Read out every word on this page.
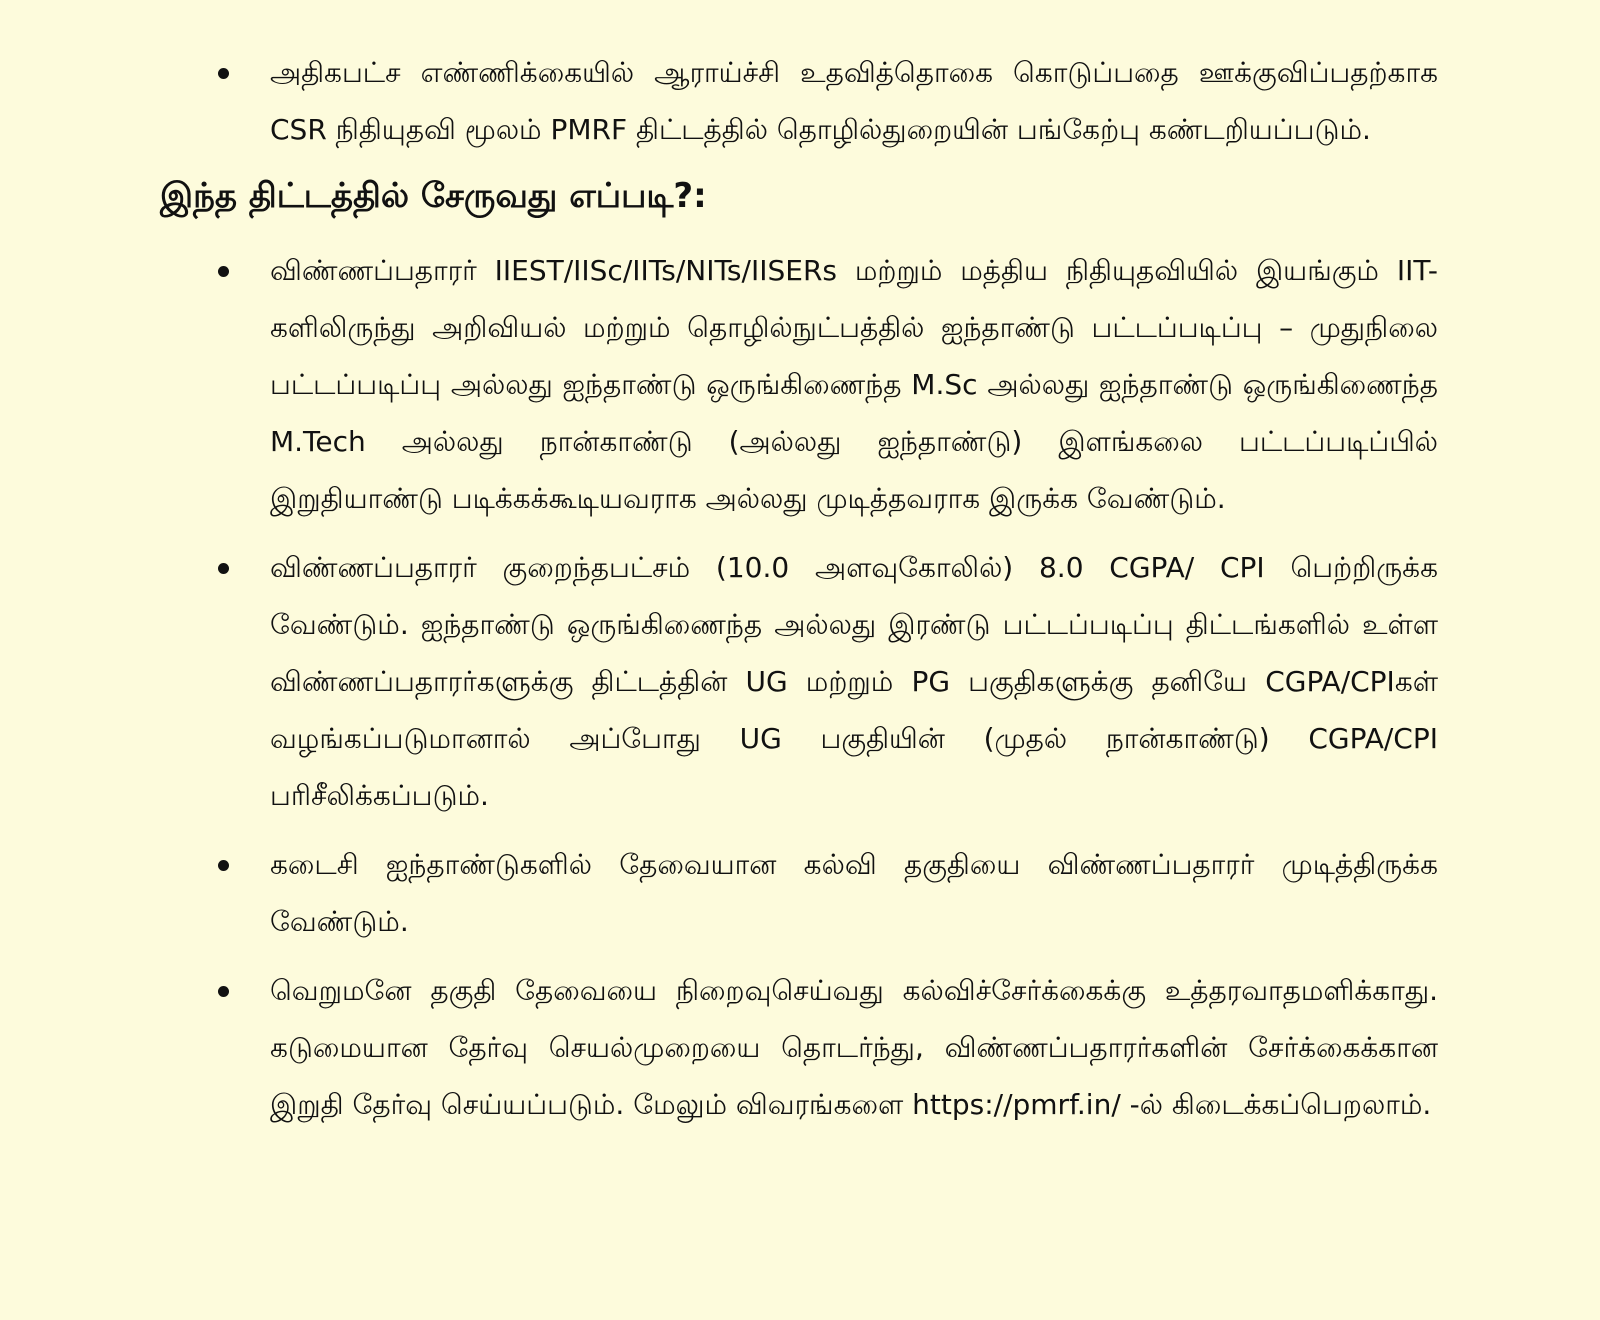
அதிகபட்ச எண்ணிக்கையில் ஆராய்ச்சி உதவித்தொகை கொடுப்பதை ஊக்குவிப்பதற்காக CSR நிதியுதவி மூலம் PMRF திட்டத்தில் தொழில்துறையின் பங்கேற்பு கண்டறியப்படும்.
இந்த திட்டத்தில் சேருவது எப்படி?:
விண்ணப்பதாரர் IIEST/IISc/IITs/NITs/IISERs மற்றும் மத்திய நிதியுதவியில் இயங்கும் IIT-களிலிருந்து அறிவியல் மற்றும் தொழில்நுட்பத்தில் ஐந்தாண்டு பட்டப்படிப்பு – முதுநிலை பட்டப்படிப்பு அல்லது ஐந்தாண்டு ஒருங்கிணைந்த M.Sc அல்லது ஐந்தாண்டு ஒருங்கிணைந்த M.Tech அல்லது நான்காண்டு (அல்லது ஐந்தாண்டு) இளங்கலை பட்டப்படிப்பில் இறுதியாண்டு படிக்கக்கூடியவராக அல்லது முடித்தவராக இருக்க வேண்டும்.
விண்ணப்பதாரர் குறைந்தபட்சம் (10.0 அளவுகோலில்) 8.0 CGPA/ CPI பெற்றிருக்க வேண்டும். ஐந்தாண்டு ஒருங்கிணைந்த அல்லது இரண்டு பட்டப்படிப்பு திட்டங்களில் உள்ள விண்ணப்பதாரர்களுக்கு திட்டத்தின் UG மற்றும் PG பகுதிகளுக்கு தனியே CGPA/CPIகள் வழங்கப்படுமானால் அப்போது UG பகுதியின் (முதல் நான்காண்டு) CGPA/CPI பரிசீலிக்கப்படும்.
கடைசி ஐந்தாண்டுகளில் தேவையான கல்வி தகுதியை விண்ணப்பதாரர் முடித்திருக்க வேண்டும்.
வெறுமனே தகுதி தேவையை நிறைவுசெய்வது கல்விச்சேர்க்கைக்கு உத்தரவாதமளிக்காது. கடுமையான தேர்வு செயல்முறையை தொடர்ந்து, விண்ணப்பதாரர்களின் சேர்க்கைக்கான இறுதி தேர்வு செய்யப்படும். மேலும் விவரங்களை https://pmrf.in/ -ல் கிடைக்கப்பெறலாம்.
